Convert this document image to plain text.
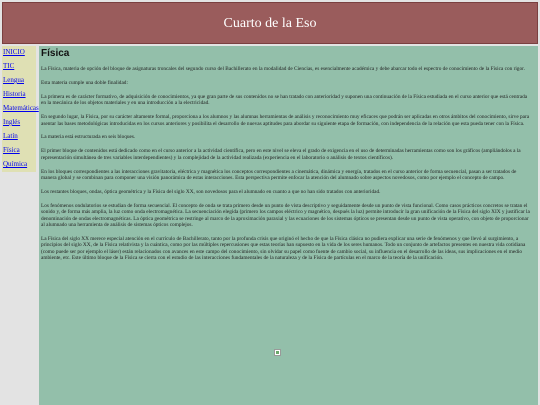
Cuarto de la Eso
INICIO
TIC
Lengua
Historia
Matemáticas
Inglés
Latín
Física
Química
Física

La Física, materia de opción del bloque de asignaturas troncales del segundo curso del Bachillerato en la modalidad de Ciencias, es esencialmente académica y debe abarcar todo el espectro de conocimiento de la Física con rigor.

Esta materia cumple una doble finalidad:

La primera es de carácter formativo, de adquisición de conocimientos, ya que gran parte de sus contenidos no se han tratado con anterioridad y suponen una continuación de la Física estudiada en el curso anterior que está centrada en la mecánica de los objetos materiales y en una introducción a la electricidad.

En segundo lugar, la Física, por su carácter altamente formal, proporciona a los alumnos y las alumnas herramientas de análisis y reconocimiento muy eficaces que podrán ser aplicadas en otros ámbitos del conocimiento, sirve para asentar las bases metodológicas introducidas en los cursos anteriores y posibilita el desarrollo de nuevas aptitudes para abordar su siguiente etapa de formación, con independencia de la relación que esta pueda tener con la Física.

La materia está estructurada en seis bloques.

El primer bloque de contenidos está dedicado como en el curso anterior a la actividad científica, pero en este nivel se eleva el grado de exigencia en el uso de determinadas herramientas como son los gráficos (ampliándolos a la representación simultánea de tres variables interdependientes) y la complejidad de la actividad realizada (experiencia en el laboratorio o análisis de textos científicos).

En los bloques correspondientes a las interacciones gravitatoria, eléctrica y magnética los conceptos correspondientes a cinemática, dinámica y energía, tratados en el curso anterior de forma secuencial, pasan a ser tratados de manera global y se combinan para componer una visión panorámica de estas interacciones. Esta perspectiva permite enfocar la atención del alumnado sobre aspectos novedosos, como por ejemplo el concepto de campo.

Los restantes bloques, ondas, óptica geométrica y la Física del siglo XX, son novedosos para el alumnado en cuanto a que no han sido tratados con anterioridad.

Los fenómenos ondulatorios se estudian de forma secuencial. El concepto de onda se trata primero desde un punto de vista descriptivo y seguidamente desde un punto de vista funcional. Como casos prácticos concretos se tratan el sonido y, de forma más amplia, la luz como onda electromagnética. La secuenciación elegida (primero los campos eléctrico y magnético, después la luz) permite introducir la gran unificación de la Física del siglo XIX y justificar la denominación de ondas electromagnéticas. La óptica geométrica se restringe al marco de la aproximación paraxial y las ecuaciones de los sistemas ópticos se presentan desde un punto de vista operativo, con objeto de proporcionar al alumnado una herramienta de análisis de sistemas ópticos complejos.

La Física del siglo XX merece especial atención en el currículo de Bachillerato, tanto por la profunda crisis que originó el hecho de que la Física clásica no pudiera explicar una serie de fenómenos y que llevó al surgimiento, a principios del siglo XX, de la Física relativista y la cuántica, como por las múltiples repercusiones que estas teorías han supuesto en la vida de los seres humanos. Todo un conjunto de artefactos presentes en nuestra vida cotidiana (como puede ser por ejemplo el láser) están relacionados con avances en este campo del conocimiento, sin olvidar su papel como fuente de cambio social, su influencia en el desarrollo de las ideas, sus implicaciones en el medio ambiente, etc. Este último bloque de la Física se cierra con el estudio de las interacciones fundamentales de la naturaleza y de la Física de partículas en el marco de la teoría de la unificación.
